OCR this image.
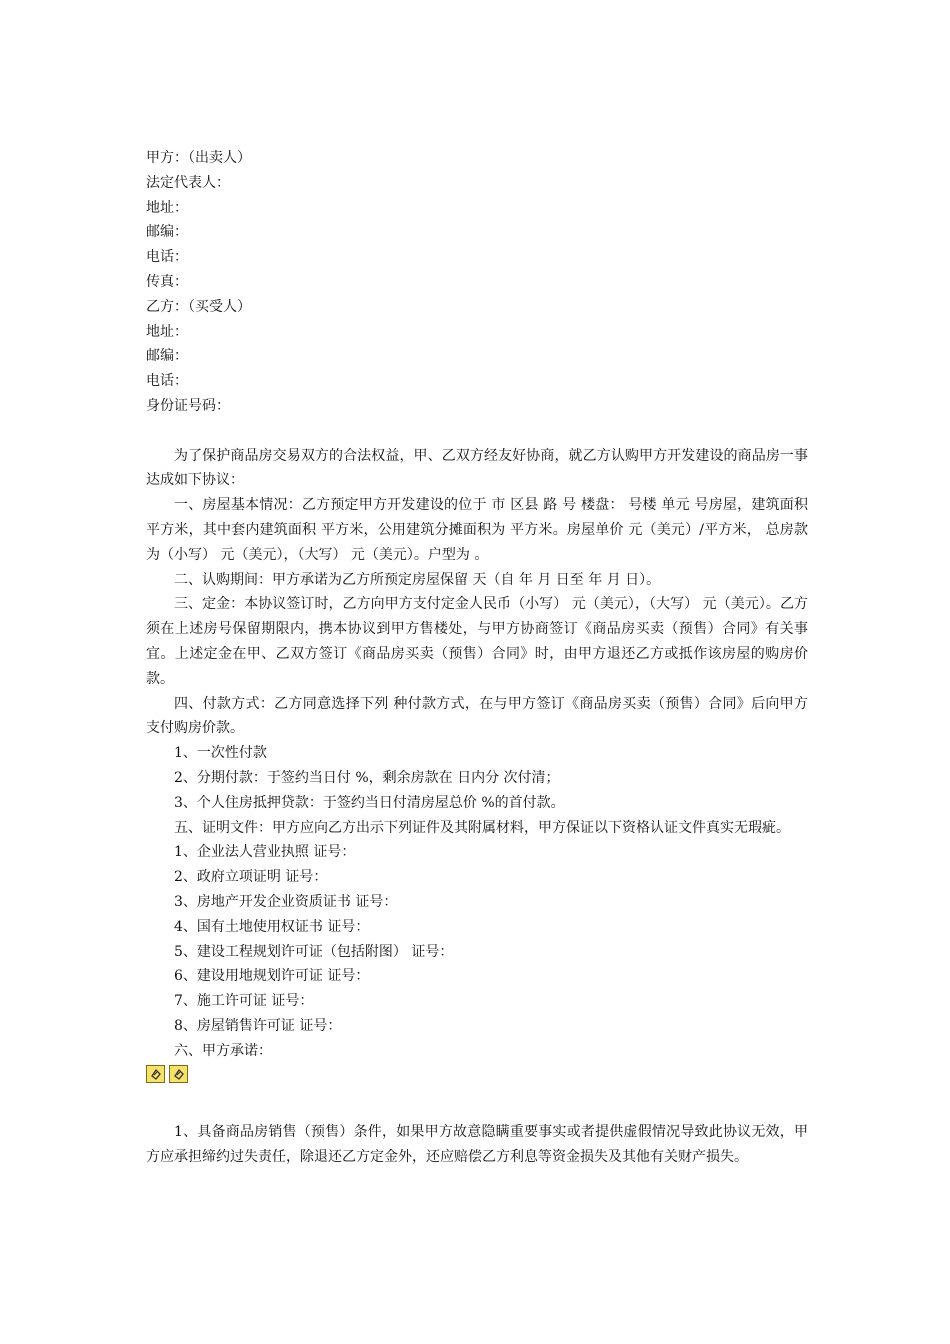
甲方：（出卖人）
法定代表人：
地址：
邮编：
电话：
传真：
乙方：（买受人）
地址：
邮编：
电话：
身份证号码：
为了保护商品房交易双方的合法权益，甲、乙双方经友好协商，就乙方认购甲方开发建设的商品房一事达成如下协议：
一、房屋基本情况：乙方预定甲方开发建设的位于 市 区县 路 号 楼盘： 号楼 单元 号房屋，建筑面积 平方米，其中套内建筑面积 平方米，公用建筑分摊面积为 平方米。房屋单价 元（美元）/平方米， 总房款为（小写） 元（美元），（大写） 元（美元）。户型为 。
二、认购期间：甲方承诺为乙方所预定房屋保留 天（自 年 月 日至 年 月 日）。
三、定金：本协议签订时，乙方向甲方支付定金人民币（小写） 元（美元），（大写） 元（美元）。乙方须在上述房号保留期限内，携本协议到甲方售楼处，与甲方协商签订《商品房买卖（预售）合同》有关事宜。上述定金在甲、乙双方签订《商品房买卖（预售）合同》时，由甲方退还乙方或抵作该房屋的购房价款。
四、付款方式：乙方同意选择下列 种付款方式，在与甲方签订《商品房买卖（预售）合同》后向甲方支付购房价款。
1、一次性付款
2、分期付款：于签约当日付 %，剩余房款在 日内分 次付清；
3、个人住房抵押贷款：于签约当日付清房屋总价 %的首付款。
五、证明文件：甲方应向乙方出示下列证件及其附属材料，甲方保证以下资格认证文件真实无瑕疵。
1、企业法人营业执照 证号：
2、政府立项证明 证号：
3、房地产开发企业资质证书 证号：
4、国有土地使用权证书 证号：
5、建设工程规划许可证（包括附图） 证号：
6、建设用地规划许可证 证号：
7、施工许可证 证号：
8、房屋销售许可证 证号：
六、甲方承诺：
1、具备商品房销售（预售）条件，如果甲方故意隐瞒重要事实或者提供虚假情况导致此协议无效，甲方应承担缔约过失责任，除退还乙方定金外，还应赔偿乙方利息等资金损失及其他有关财产损失。
